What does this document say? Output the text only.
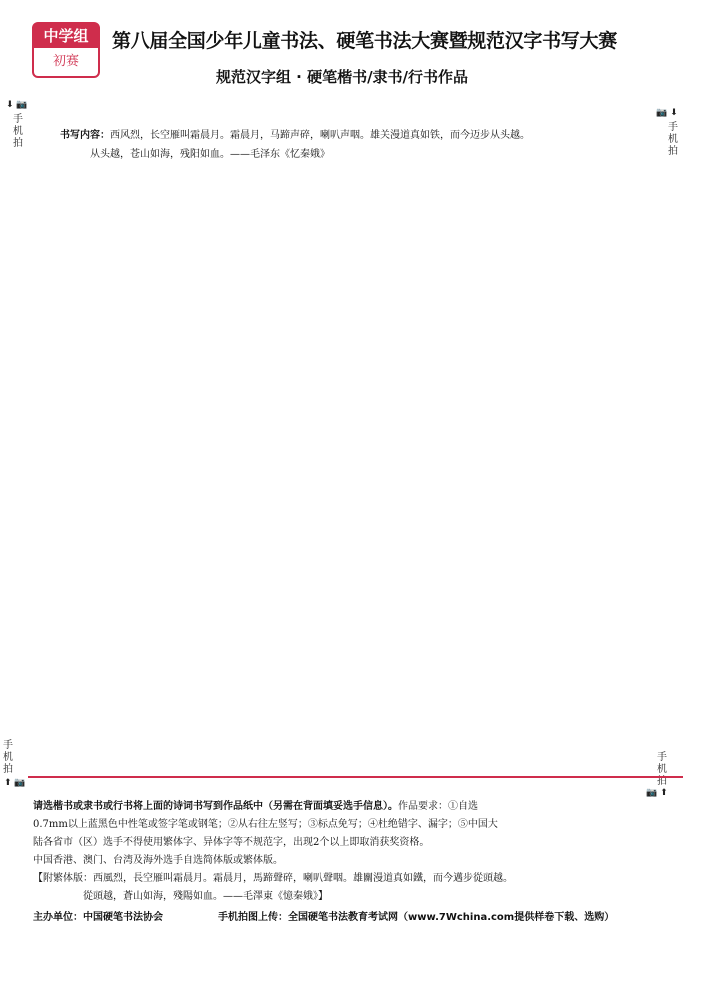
中学组
初赛
第八届全国少年儿童书法、硬笔书法大赛暨规范汉字书写大赛
规范汉字组 · 硬笔楷书/隶书/行书作品
⬇ 📷
手
机
拍
📷 ⬇
手
机
拍
手
机
拍
⬆ 📷
手
机
拍
📷 ⬆
书写内容：西风烈，长空雁叫霜晨月。霜晨月，马蹄声碎，喇叭声咽。雄关漫道真如铁，而今迈步从头越。
从头越，苍山如海，残阳如血。——毛泽东《忆秦娥》
请选楷书或隶书或行书将上面的诗词书写到作品纸中（另需在背面填妥选手信息）。作品要求：①自选
0.7mm以上蓝黑色中性笔或签字笔或钢笔；②从右往左竖写；③标点免写；④杜绝错字、漏字；⑤中国大
陆各省市（区）选手不得使用繁体字、异体字等不规范字，出现2个以上即取消获奖资格。
中国香港、澳门、台湾及海外选手自选简体版或繁体版。
【附繁体版：西風烈，長空雁叫霜晨月。霜晨月，馬蹄聲碎，喇叭聲咽。雄關漫道真如鐵，而今邁步從頭越。
從頭越，蒼山如海，殘陽如血。——毛澤東《憶秦娥》】
主办单位：中国硬笔书法协会	手机拍图上传：全国硬笔书法教育考试网（www.7Wchina.com提供样卷下载、选购）
